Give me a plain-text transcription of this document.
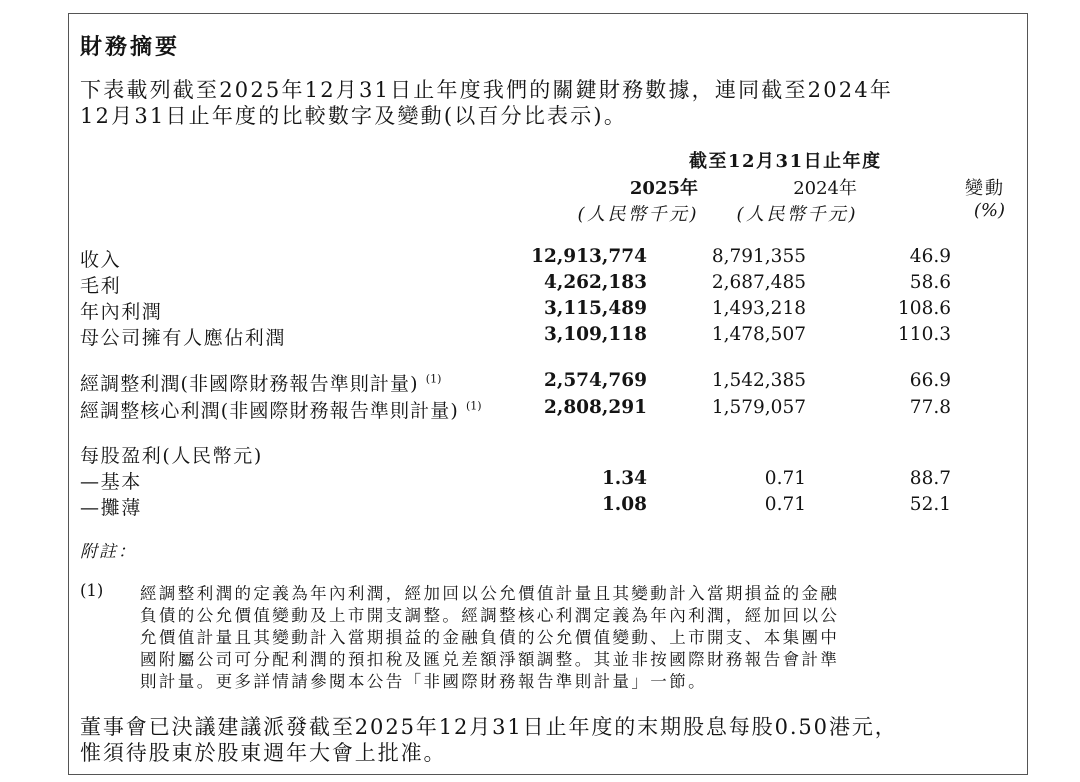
財務摘要
下表載列截至2025年12月31日止年度我們的關鍵財務數據，連同截至2024年
12月31日止年度的比較數字及變動(以百分比表示)。
截至12月31日止年度
2025年	2024年	變動
(人民幣千元) (人民幣千元)	(%)
收入	12,913,774	8,791,355	46.9
毛利	4,262,183	2,687,485	58.6
年內利潤	3,115,489	1,493,218	108.6
母公司擁有人應佔利潤	3,109,118	1,478,507	110.3
經調整利潤(非國際財務報告準則計量) $^{(1)}$	2,574,769	1,542,385	66.9
經調整核心利潤(非國際財務報告準則計量) $^{(1)}$	2,808,291	1,579,057	77.8
每股盈利(人民幣元)
—基本	1.34	0.71	88.7
—攤薄	1.08	0.71	52.1
附註：
(1) 經調整利潤的定義為年內利潤，經加回以公允價值計量且其變動計入當期損益的金融
負債的公允價值變動及上市開支調整。經調整核心利潤定義為年內利潤，經加回以公
允價值計量且其變動計入當期損益的金融負債的公允價值變動、上市開支、本集團中
國附屬公司可分配利潤的預扣稅及匯兑差額淨額調整。其並非按國際財務報告會計準
則計量。更多詳情請參閱本公告「非國際財務報告準則計量」一節。
董事會已決議建議派發截至2025年12月31日止年度的末期股息每股0.50港元，
惟須待股東於股東週年大會上批准。
